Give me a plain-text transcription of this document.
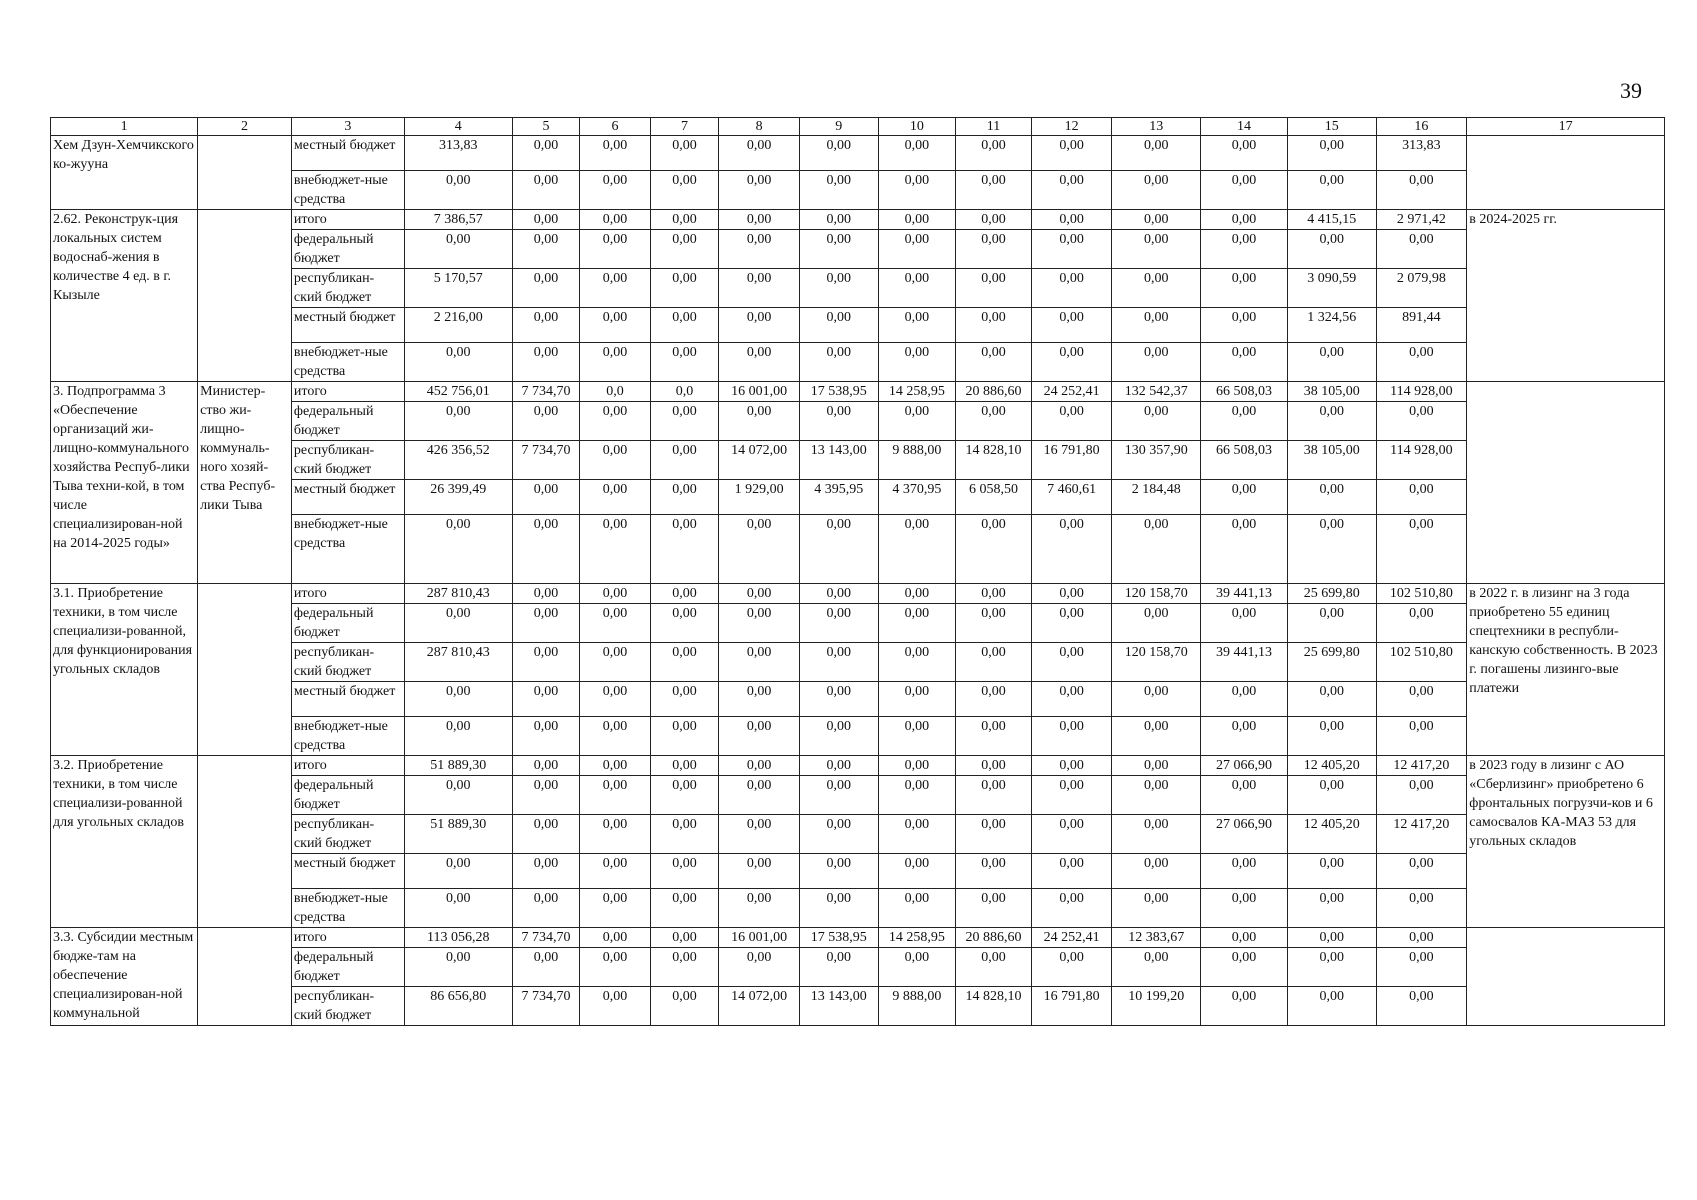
39
1	2	3	4	5	6	7	8	9	10	11	12	13	14	15	16	17
Хем Дзун-Хемчикского ко-жууна		местный бюджет	313,83	0,00	0,00	0,00	0,00	0,00	0,00	0,00	0,00	0,00	0,00	0,00	313,83	
		внебюджет-ные средства	0,00	0,00	0,00	0,00	0,00	0,00	0,00	0,00	0,00	0,00	0,00	0,00	0,00	
2.62. Реконструк-ция локальных систем водоснаб-жения в количестве 4 ед. в г. Кызыле		итого	7 386,57	0,00	0,00	0,00	0,00	0,00	0,00	0,00	0,00	0,00	0,00	4 415,15	2 971,42	в 2024-2025 гг.
		федеральный бюджет	0,00	0,00	0,00	0,00	0,00	0,00	0,00	0,00	0,00	0,00	0,00	0,00	0,00	
		республикан-ский бюджет	5 170,57	0,00	0,00	0,00	0,00	0,00	0,00	0,00	0,00	0,00	0,00	3 090,59	2 079,98	
		местный бюджет	2 216,00	0,00	0,00	0,00	0,00	0,00	0,00	0,00	0,00	0,00	0,00	1 324,56	891,44	
		внебюджет-ные средства	0,00	0,00	0,00	0,00	0,00	0,00	0,00	0,00	0,00	0,00	0,00	0,00	0,00	
3. Подпрограмма 3 «Обеспечение организаций жи-лищно-коммунального хозяйства Респуб-лики Тыва техни-кой, в том числе специализирован-ной на 2014-2025 годы»	Министер-ство жи-лищно-коммуналь-ного хозяй-ства Респуб-лики Тыва	итого	452 756,01	7 734,70	0,0	0,0	16 001,00	17 538,95	14 258,95	20 886,60	24 252,41	132 542,37	66 508,03	38 105,00	114 928,00	
		федеральный бюджет	0,00	0,00	0,00	0,00	0,00	0,00	0,00	0,00	0,00	0,00	0,00	0,00	0,00	
		республикан-ский бюджет	426 356,52	7 734,70	0,00	0,00	14 072,00	13 143,00	9 888,00	14 828,10	16 791,80	130 357,90	66 508,03	38 105,00	114 928,00	
		местный бюджет	26 399,49	0,00	0,00	0,00	1 929,00	4 395,95	4 370,95	6 058,50	7 460,61	2 184,48	0,00	0,00	0,00	
		внебюджет-ные средства	0,00	0,00	0,00	0,00	0,00	0,00	0,00	0,00	0,00	0,00	0,00	0,00	0,00	
3.1. Приобретение техники, в том числе специализи-рованной, для функционирования угольных складов		итого	287 810,43	0,00	0,00	0,00	0,00	0,00	0,00	0,00	0,00	120 158,70	39 441,13	25 699,80	102 510,80	в 2022 г. в лизинг на 3 года приобретено 55 единиц спецтехники в республи-канскую собственность. В 2023 г. погашены лизинго-вые платежи
		федеральный бюджет	0,00	0,00	0,00	0,00	0,00	0,00	0,00	0,00	0,00	0,00	0,00	0,00	0,00	
		республикан-ский бюджет	287 810,43	0,00	0,00	0,00	0,00	0,00	0,00	0,00	0,00	120 158,70	39 441,13	25 699,80	102 510,80	
		местный бюджет	0,00	0,00	0,00	0,00	0,00	0,00	0,00	0,00	0,00	0,00	0,00	0,00	0,00	
		внебюджет-ные средства	0,00	0,00	0,00	0,00	0,00	0,00	0,00	0,00	0,00	0,00	0,00	0,00	0,00	
3.2. Приобретение техники, в том числе специализи-рованной для угольных складов		итого	51 889,30	0,00	0,00	0,00	0,00	0,00	0,00	0,00	0,00	0,00	27 066,90	12 405,20	12 417,20	в 2023 году в лизинг с АО «Сберлизинг» приобретено 6 фронтальных погрузчи-ков и 6 самосвалов КА-МАЗ 53 для угольных складов
		федеральный бюджет	0,00	0,00	0,00	0,00	0,00	0,00	0,00	0,00	0,00	0,00	0,00	0,00	0,00	
		республикан-ский бюджет	51 889,30	0,00	0,00	0,00	0,00	0,00	0,00	0,00	0,00	0,00	27 066,90	12 405,20	12 417,20	
		местный бюджет	0,00	0,00	0,00	0,00	0,00	0,00	0,00	0,00	0,00	0,00	0,00	0,00	0,00	
		внебюджет-ные средства	0,00	0,00	0,00	0,00	0,00	0,00	0,00	0,00	0,00	0,00	0,00	0,00	0,00	
3.3. Субсидии местным бюдже-там на обеспечение специализирован-ной коммунальной		итого	113 056,28	7 734,70	0,00	0,00	16 001,00	17 538,95	14 258,95	20 886,60	24 252,41	12 383,67	0,00	0,00	0,00	
		федеральный бюджет	0,00	0,00	0,00	0,00	0,00	0,00	0,00	0,00	0,00	0,00	0,00	0,00	0,00	
		республикан-ский бюджет	86 656,80	7 734,70	0,00	0,00	14 072,00	13 143,00	9 888,00	14 828,10	16 791,80	10 199,20	0,00	0,00	0,00	
